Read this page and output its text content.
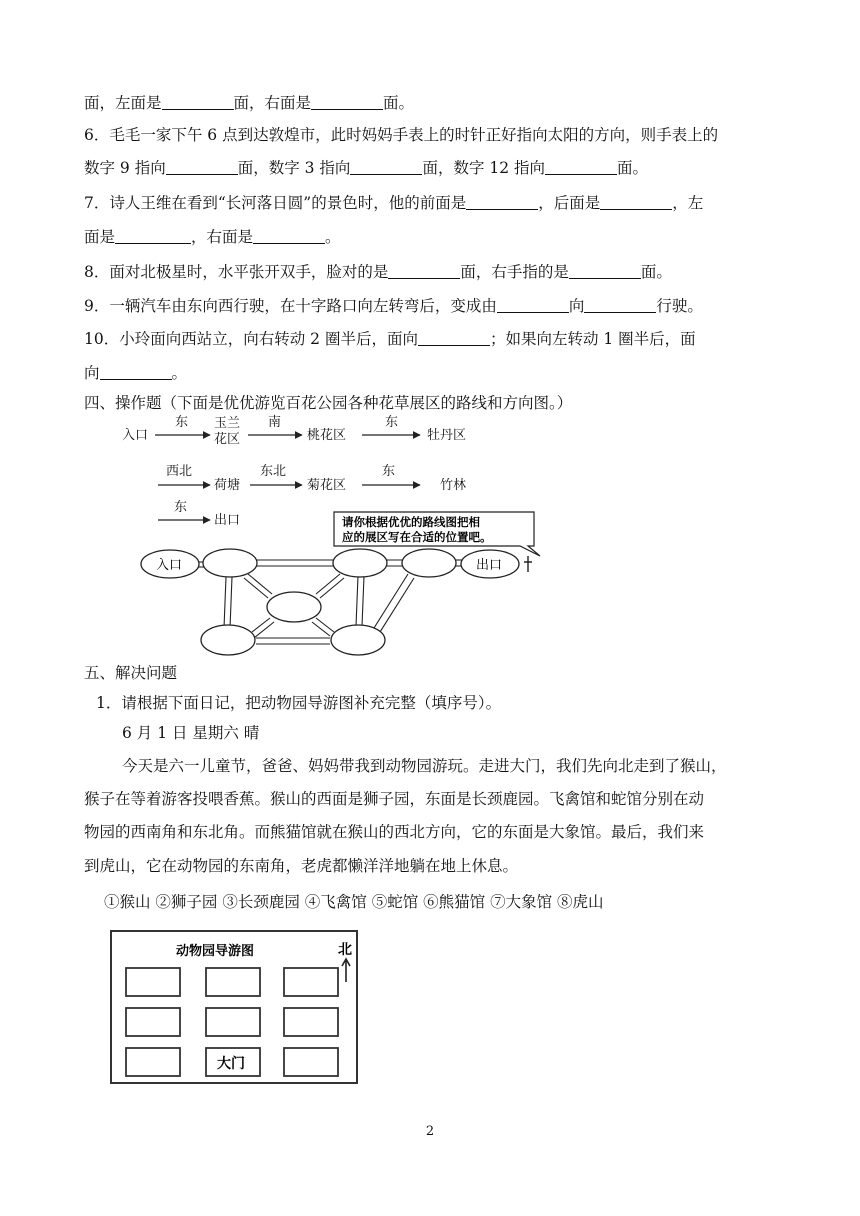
面，左面是	面，右面是	面。
6．毛毛一家下午 6 点到达敦煌市，此时妈妈手表上的时针正好指向太阳的方向，则手表上的
数字 9 指向	面，数字 3 指向	面，数字 12 指向	面。
7．诗人王维在看到“长河落日圆”的景色时，他的前面是	，后面是	，左
面是	，右面是	。
8．面对北极星时，水平张开双手，脸对的是	面，右手指的是	面。
9．一辆汽车由东向西行驶，在十字路口向左转弯后，变成由	向	行驶。
10．小玲面向西站立，向右转动 2 圈半后，面向	；如果向左转动 1 圈半后，面
向	。
四、操作题（下面是优优游览百花公园各种花草展区的路线和方向图。）
入口
东 玉兰
花区
南
桃花区
东
牡丹区
西北
荷塘
东北
菊花区
东
竹林
东
出口	请你根据优优的路线图把相
应的展区写在合适的位置吧。
入口	出口
五、解决问题
1．请根据下面日记，把动物园导游图补充完整（填序号）。
6 月 1 日 星期六 晴
今天是六一儿童节，爸爸、妈妈带我到动物园游玩。走进大门，我们先向北走到了猴山，
猴子在等着游客投喂香蕉。猴山的西面是狮子园，东面是长颈鹿园。飞禽馆和蛇馆分别在动
物园的西南角和东北角。而熊猫馆就在猴山的西北方向，它的东面是大象馆。最后，我们来
到虎山，它在动物园的东南角，老虎都懒洋洋地躺在地上休息。
①猴山 ②狮子园 ③长颈鹿园 ④飞禽馆 ⑤蛇馆 ⑥熊猫馆 ⑦大象馆 ⑧虎山
动物园导游图	北
大门
2
